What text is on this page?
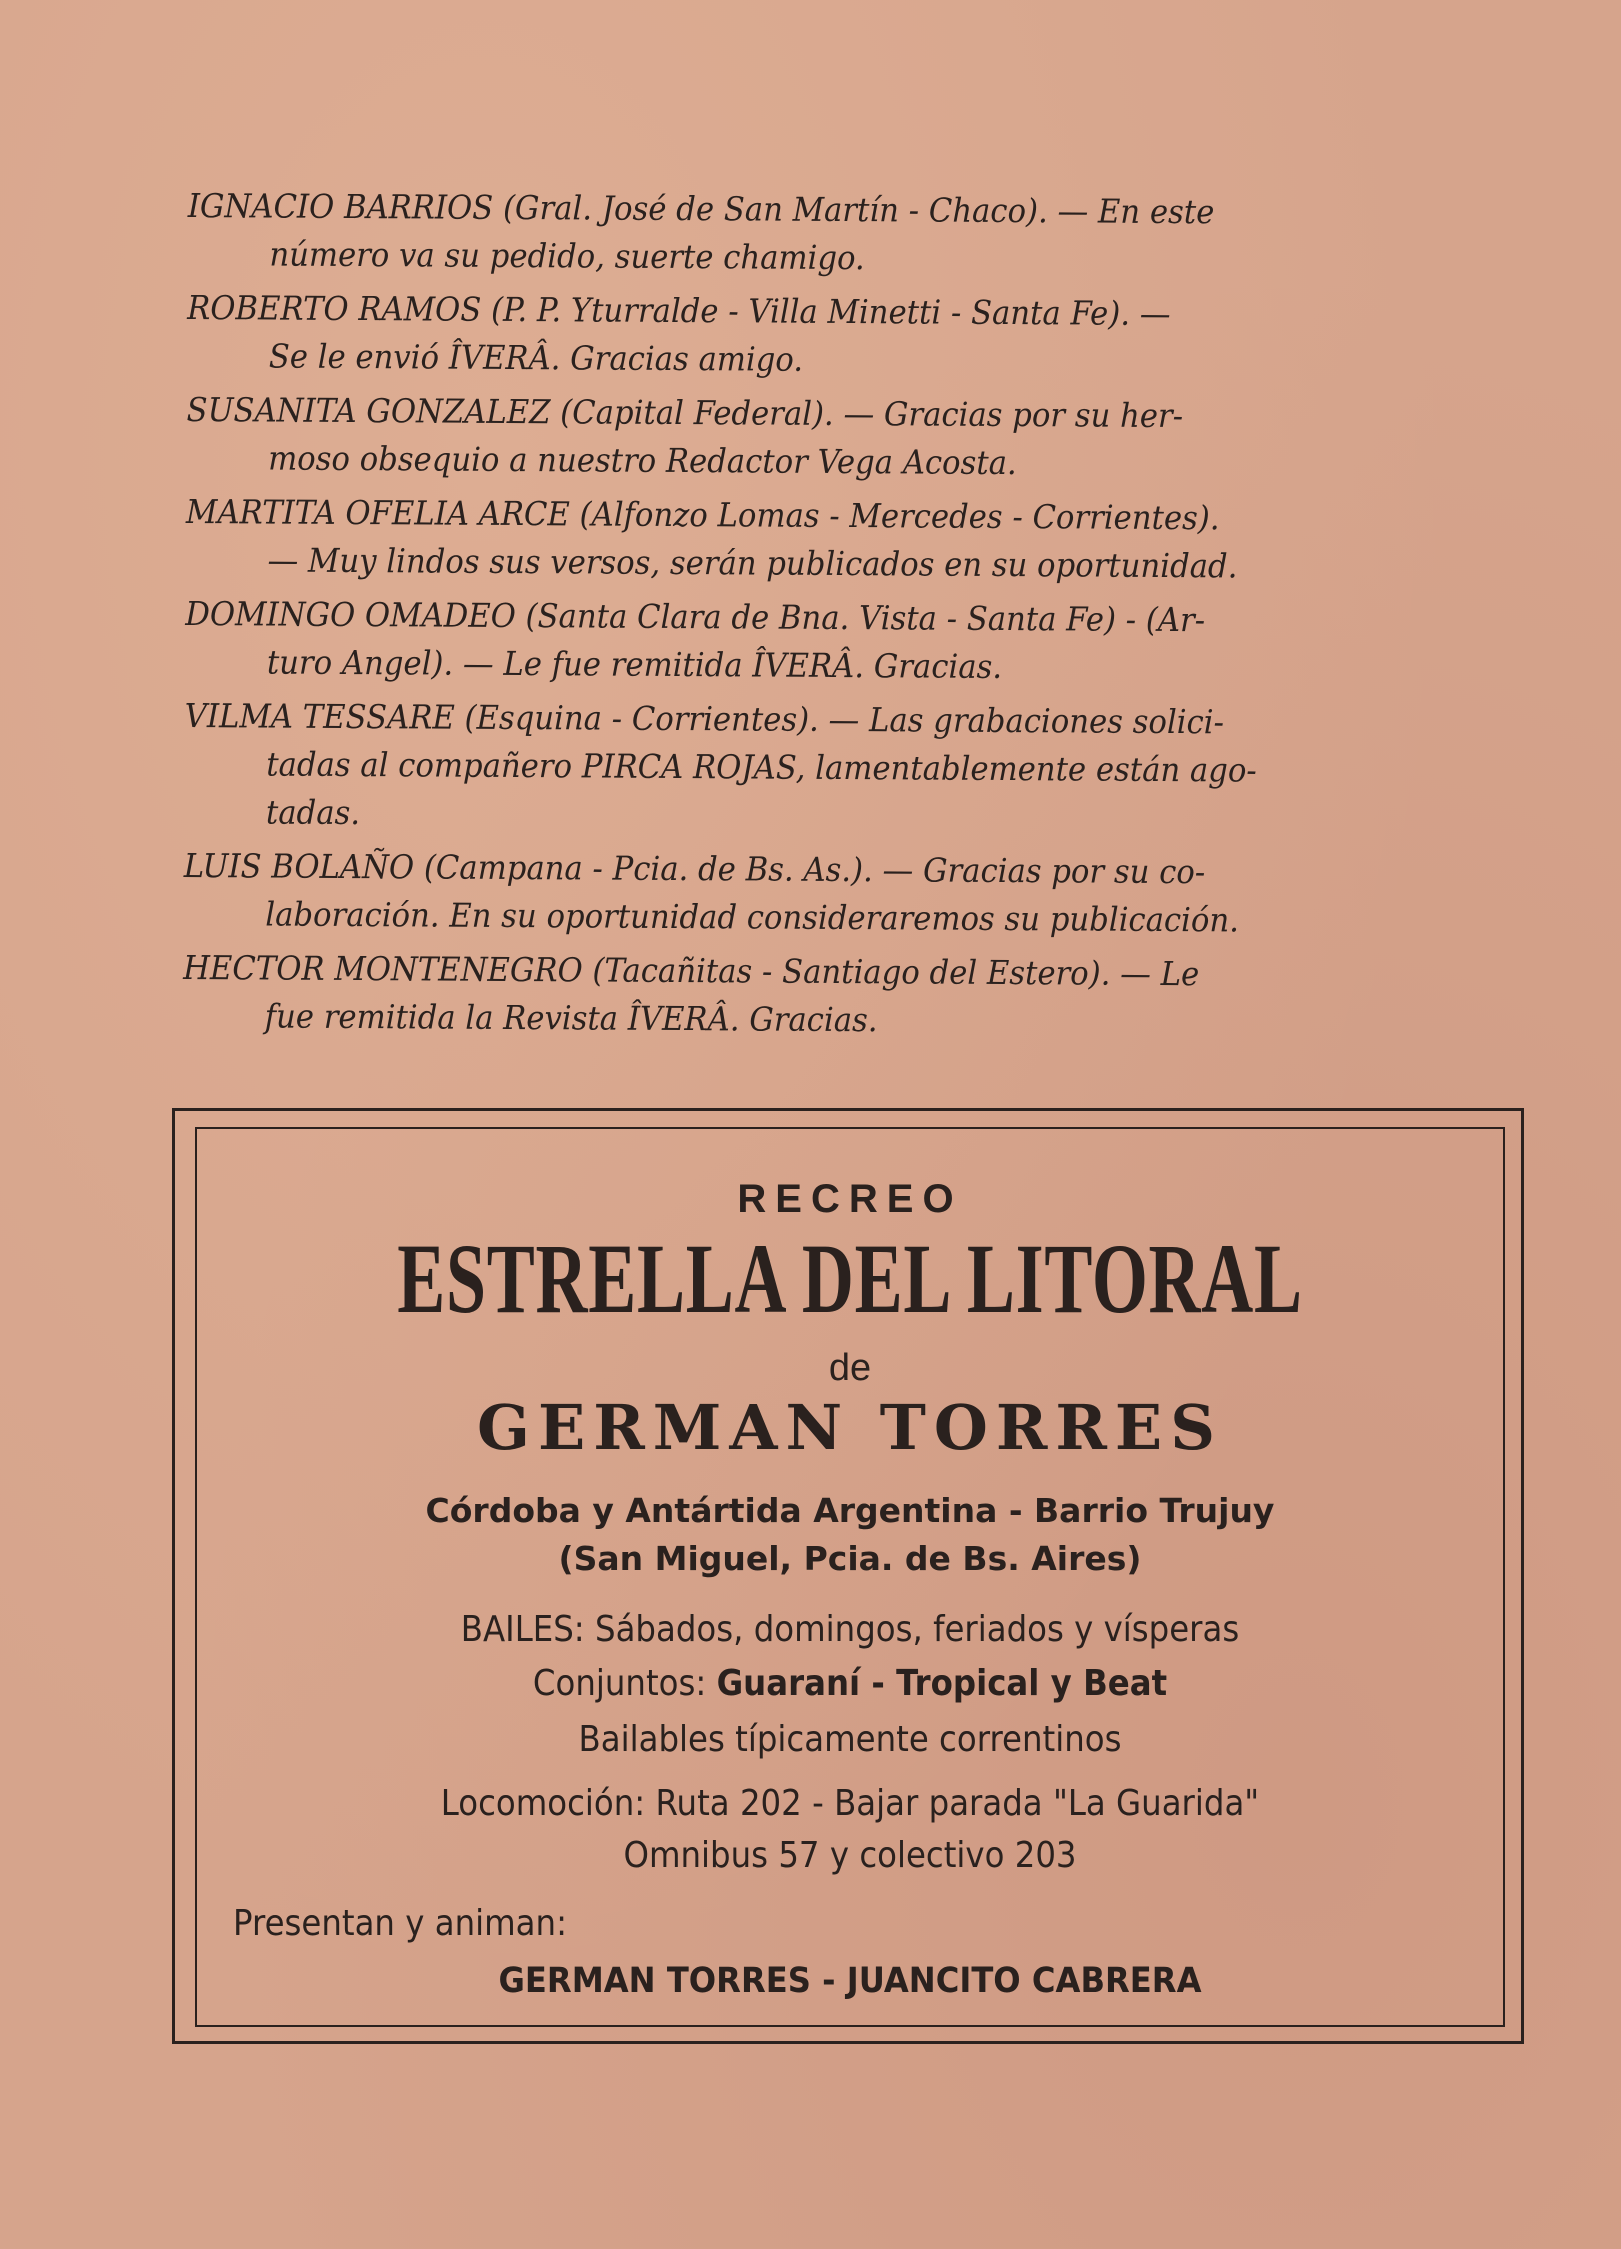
IGNACIO BARRIOS (Gral. José de San Martín - Chaco). — En este
número va su pedido, suerte chamigo.
ROBERTO RAMOS (P. P. Yturralde - Villa Minetti - Santa Fe). —
Se le envió ÎVERÂ. Gracias amigo.
SUSANITA GONZALEZ (Capital Federal). — Gracias por su her-
moso obsequio a nuestro Redactor Vega Acosta.
MARTITA OFELIA ARCE (Alfonzo Lomas - Mercedes - Corrientes).
— Muy lindos sus versos, serán publicados en su oportunidad.
DOMINGO OMADEO (Santa Clara de Bna. Vista - Santa Fe) - (Ar-
turo Angel). — Le fue remitida ÎVERÂ. Gracias.
VILMA TESSARE (Esquina - Corrientes). — Las grabaciones solici-
tadas al compañero PIRCA ROJAS, lamentablemente están ago-
tadas.
LUIS BOLAÑO (Campana - Pcia. de Bs. As.). — Gracias por su co-
laboración. En su oportunidad consideraremos su publicación.
HECTOR MONTENEGRO (Tacañitas - Santiago del Estero). — Le
fue remitida la Revista ÎVERÂ. Gracias.
RECREO
ESTRELLA DEL LITORAL
de
GERMAN TORRES
Córdoba y Antártida Argentina - Barrio Trujuy
(San Miguel, Pcia. de Bs. Aires)
BAILES: Sábados, domingos, feriados y vísperas
Conjuntos: Guaraní - Tropical y Beat
Bailables típicamente correntinos
Locomoción: Ruta 202 - Bajar parada "La Guarida"
Omnibus 57 y colectivo 203
Presentan y animan:
GERMAN TORRES - JUANCITO CABRERA
